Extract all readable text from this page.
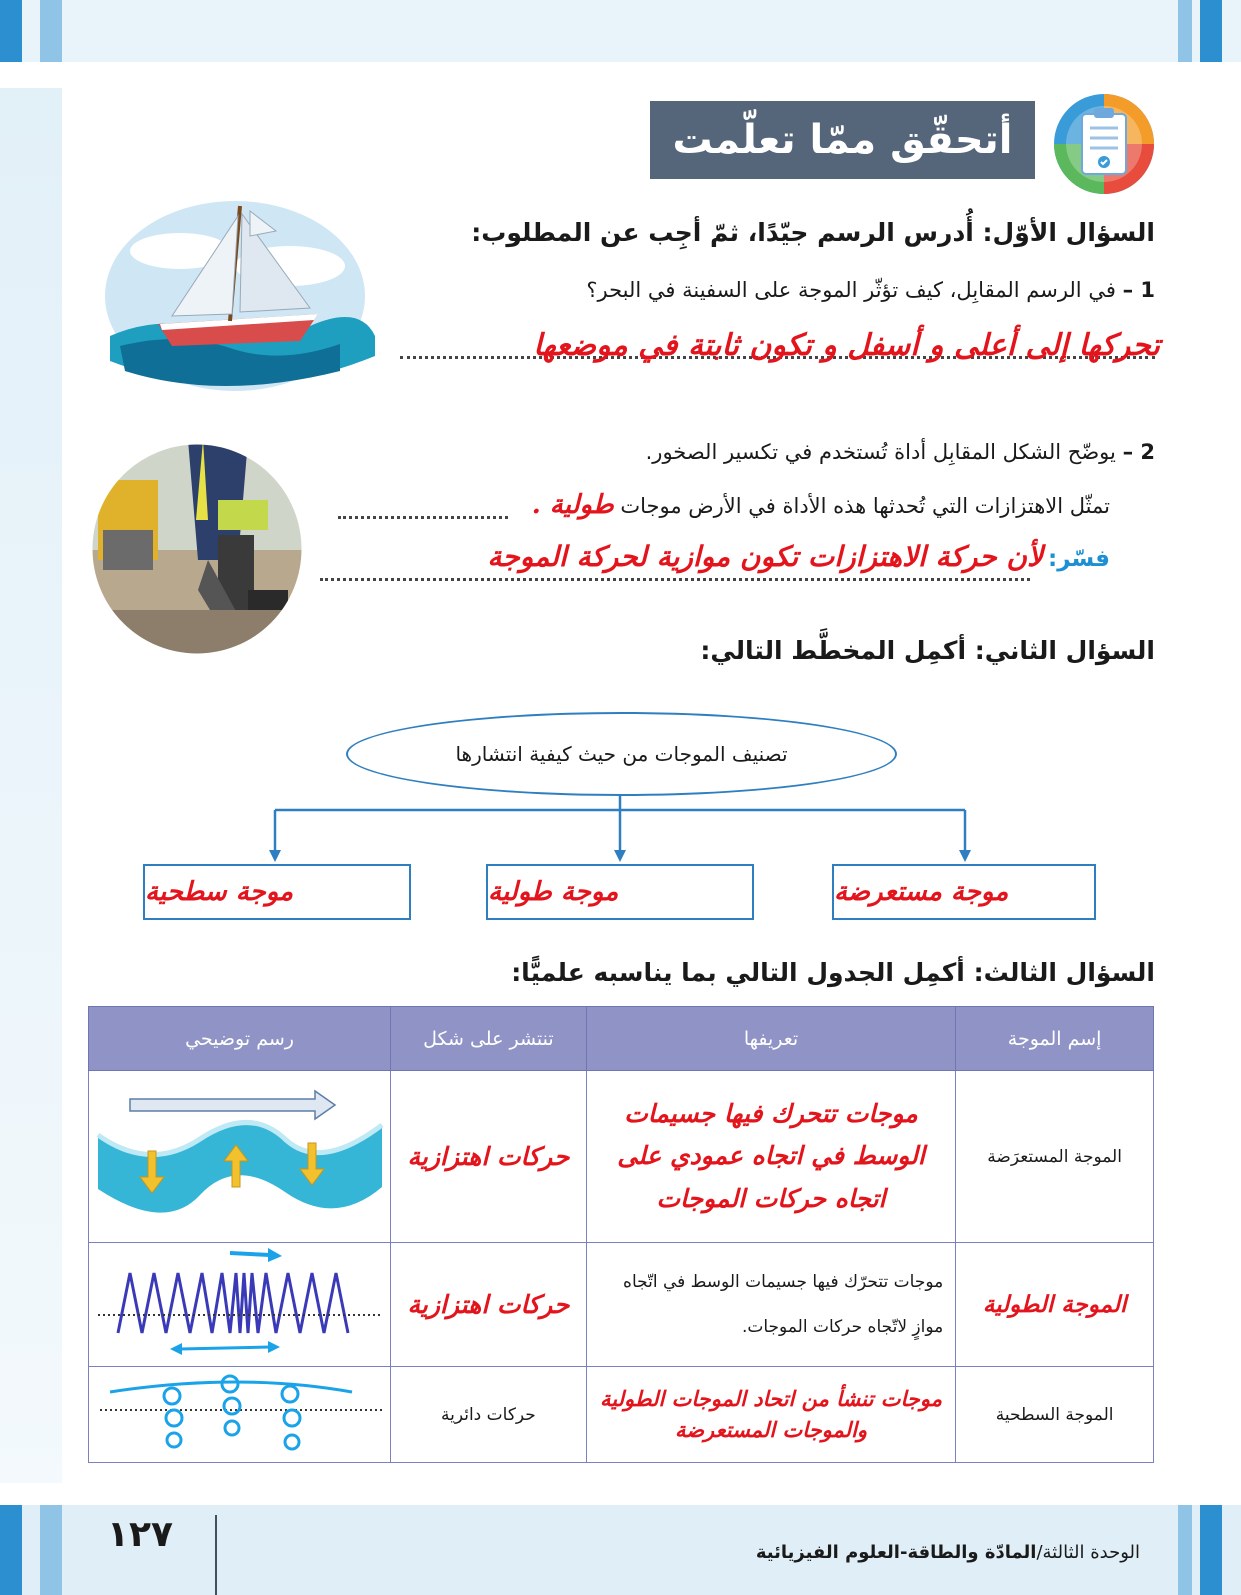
أتحقّق ممّا تعلّمت
السؤال الأوّل: أُدرس الرسم جيّدًا، ثمّ أجِب عن المطلوب:
1 – في الرسم المقابِل، كيف تؤثّر الموجة على السفينة في البحر؟
تحركها إلى أعلى و أسفل و تكون ثابتة في موضعها
2 – يوضّح الشكل المقابِل أداة تُستخدم في تكسير الصخور.
تمثّل الاهتزازات التي تُحدثها هذه الأداة في الأرض موجات طولية .
فسّر: لأن حركة الاهتزازات تكون موازية لحركة الموجة
السؤال الثاني: أكمِل المخطَّط التالي:
تصنيف الموجات من حيث كيفية انتشارها
موجة مستعرضة
موجة طولية
موجة سطحية
السؤال الثالث: أكمِل الجدول التالي بما يناسبه علميًّا:
إسم الموجة	تعريفها	تنتشر على شكل	رسم توضيحي
الموجة المستعرَضة	موجات تتحرك فيها جسيمات الوسط في اتجاه عمودي على اتجاه حركات الموجات	حركات اهتزازية	

الموجة الطولية	موجات تتحرّك فيها جسيمات الوسط في اتّجاه موازٍ لاتّجاه حركات الموجات.	حركات اهتزازية	

الموجة السطحية	موجات تنشأ من اتحاد الموجات الطولية والموجات المستعرضة	حركات دائرية	
١٢٧	الوحدة الثالثة/المادّة والطاقة-العلوم الفيزيائية
